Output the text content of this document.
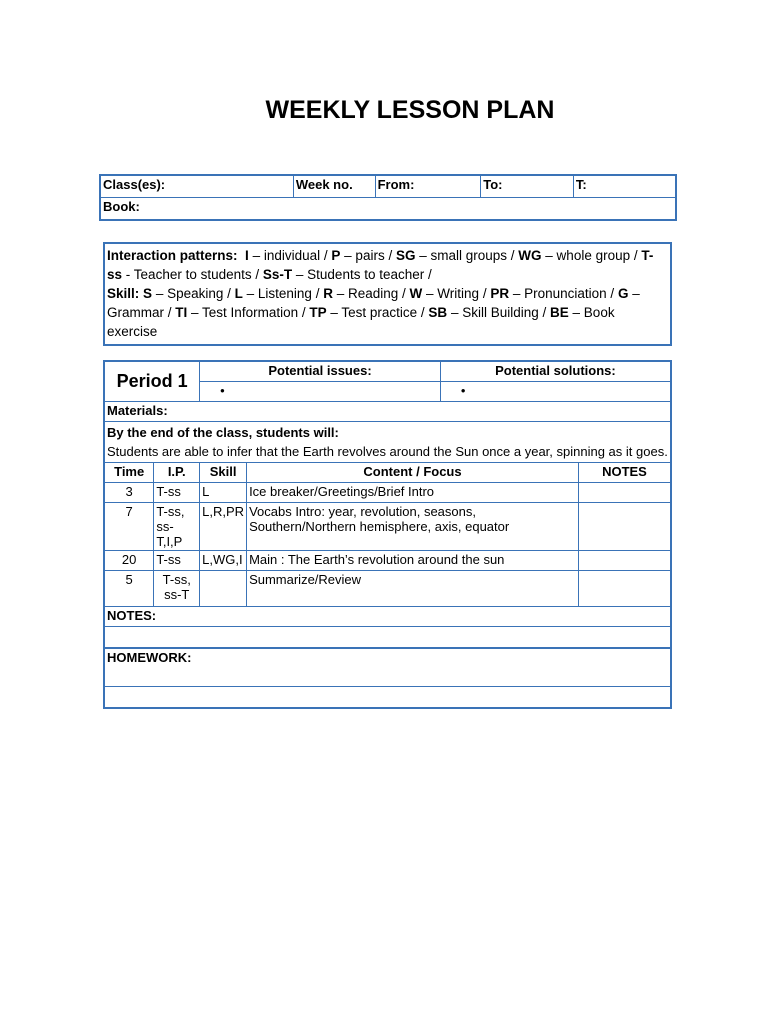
WEEKLY LESSON PLAN
Class(es):	Week no.	From:	To:	T:
Book:
Interaction patterns: I – individual / P – pairs / SG – small groups / WG – whole group / T-ss - Teacher to students / Ss-T – Students to teacher /
Skill: S – Speaking / L – Listening / R – Reading / W – Writing / PR – Pronunciation / G – Grammar / TI – Test Information / TP – Test practice / SB – Skill Building / BE – Book exercise
Period 1		Potential issues:		Potential solutions:	
		•		•	
Materials:					

By the end of the class, students will:
Students are able to infer that the Earth revolves around the Sun once a year, spinning as it goes.					

Time	I.P.	Skill	Content / Focus		NOTES
3	T-ss	L	Ice breaker/Greetings/Brief Intro		
7	T-ss, ss-T,I,P	L,R,PR	Vocabs Intro: year, revolution, seasons, Southern/Northern hemisphere, axis, equator		
20	T-ss	L,WG,I	Main : The Earth’s revolution around the sun		
5	T-ss, ss-T		Summarize/Review		
NOTES:					

HOMEWORK:					
